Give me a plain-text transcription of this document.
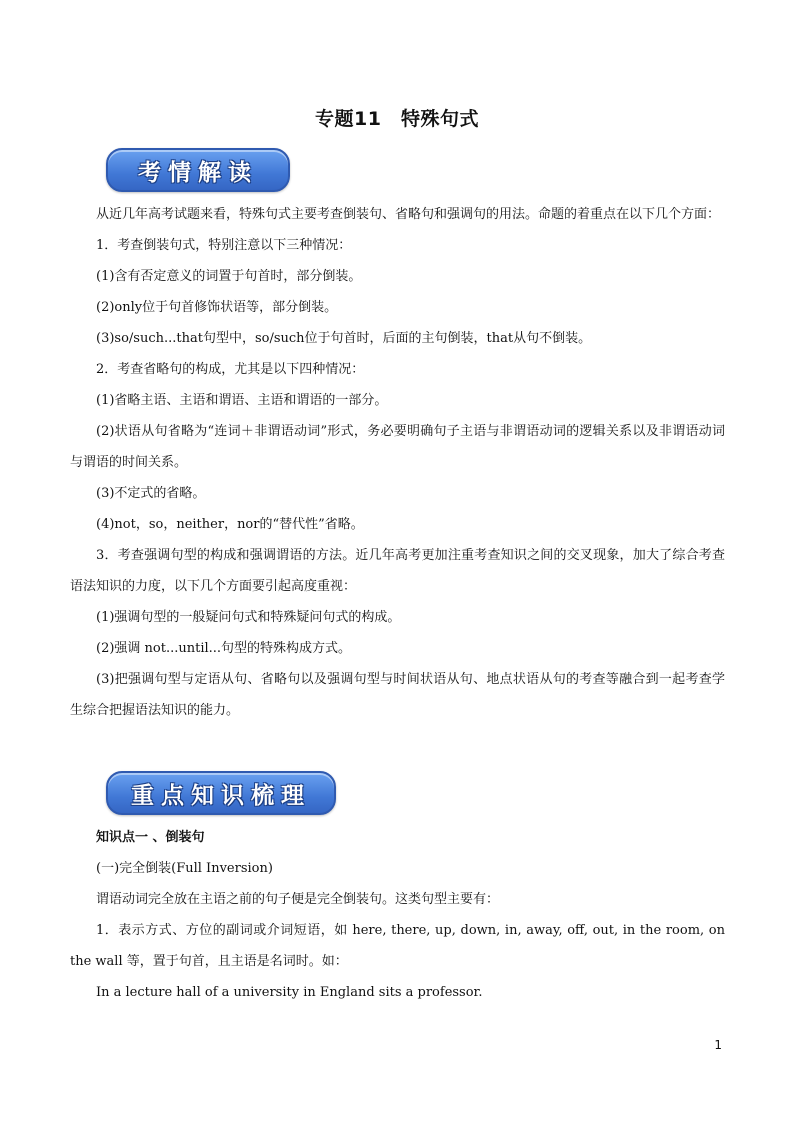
专题11　特殊句式
考情解读

从近几年高考试题来看，特殊句式主要考查倒装句、省略句和强调句的用法。命题的着重点在以下几个方面：

1．考查倒装句式，特别注意以下三种情况：

(1)含有否定意义的词置于句首时，部分倒装。

(2)only位于句首修饰状语等，部分倒装。

(3)so/such...that句型中，so/such位于句首时，后面的主句倒装，that从句不倒装。

2．考查省略句的构成，尤其是以下四种情况：

(1)省略主语、主语和谓语、主语和谓语的一部分。

(2)状语从句省略为“连词＋非谓语动词”形式，务必要明确句子主语与非谓语动词的逻辑关系以及非谓语动词与谓语的时间关系。

(3)不定式的省略。

(4)not，so，neither，nor的“替代性”省略。

3．考查强调句型的构成和强调谓语的方法。近几年高考更加注重考查知识之间的交叉现象，加大了综合考查语法知识的力度，以下几个方面要引起高度重视：

(1)强调句型的一般疑问句式和特殊疑问句式的构成。

(2)强调 not...until...句型的特殊构成方式。

(3)把强调句型与定语从句、省略句以及强调句型与时间状语从句、地点状语从句的考查等融合到一起考查学生综合把握语法知识的能力。

重点知识梳理

知识点一 、倒装句

(一)完全倒装(Full Inversion)

谓语动词完全放在主语之前的句子便是完全倒装句。这类句型主要有：

1．表示方式、方位的副词或介词短语，如 here, there, up, down, in, away, off, out, in the room, on the wall 等，置于句首，且主语是名词时。如：

In a lecture hall of a university in England sits a professor.

1
